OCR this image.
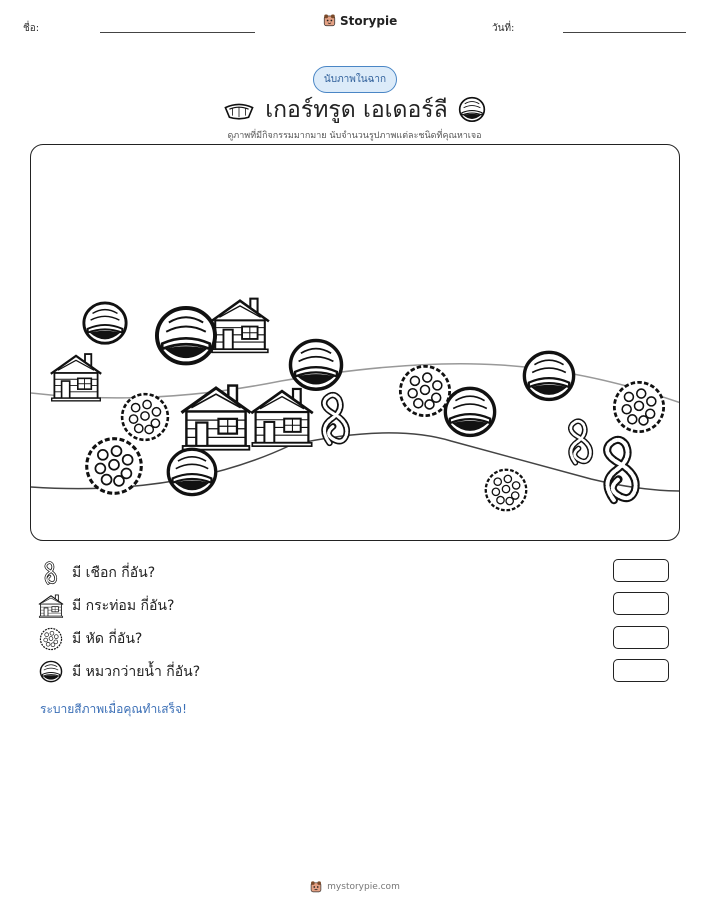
ชื่อ:
Storypie
วันที่:
นับภาพในฉาก
เกอร์ทรูด เอเดอร์ลี
ดูภาพที่มีกิจกรรมมากมาย นับจำนวนรูปภาพแต่ละชนิดที่คุณหาเจอ
มี เชือก กี่อัน?
มี กระท่อม กี่อัน?
มี หัด กี่อัน?
มี หมวกว่ายน้ำ กี่อัน?
ระบายสีภาพเมื่อคุณทำเสร็จ!
mystorypie.com
